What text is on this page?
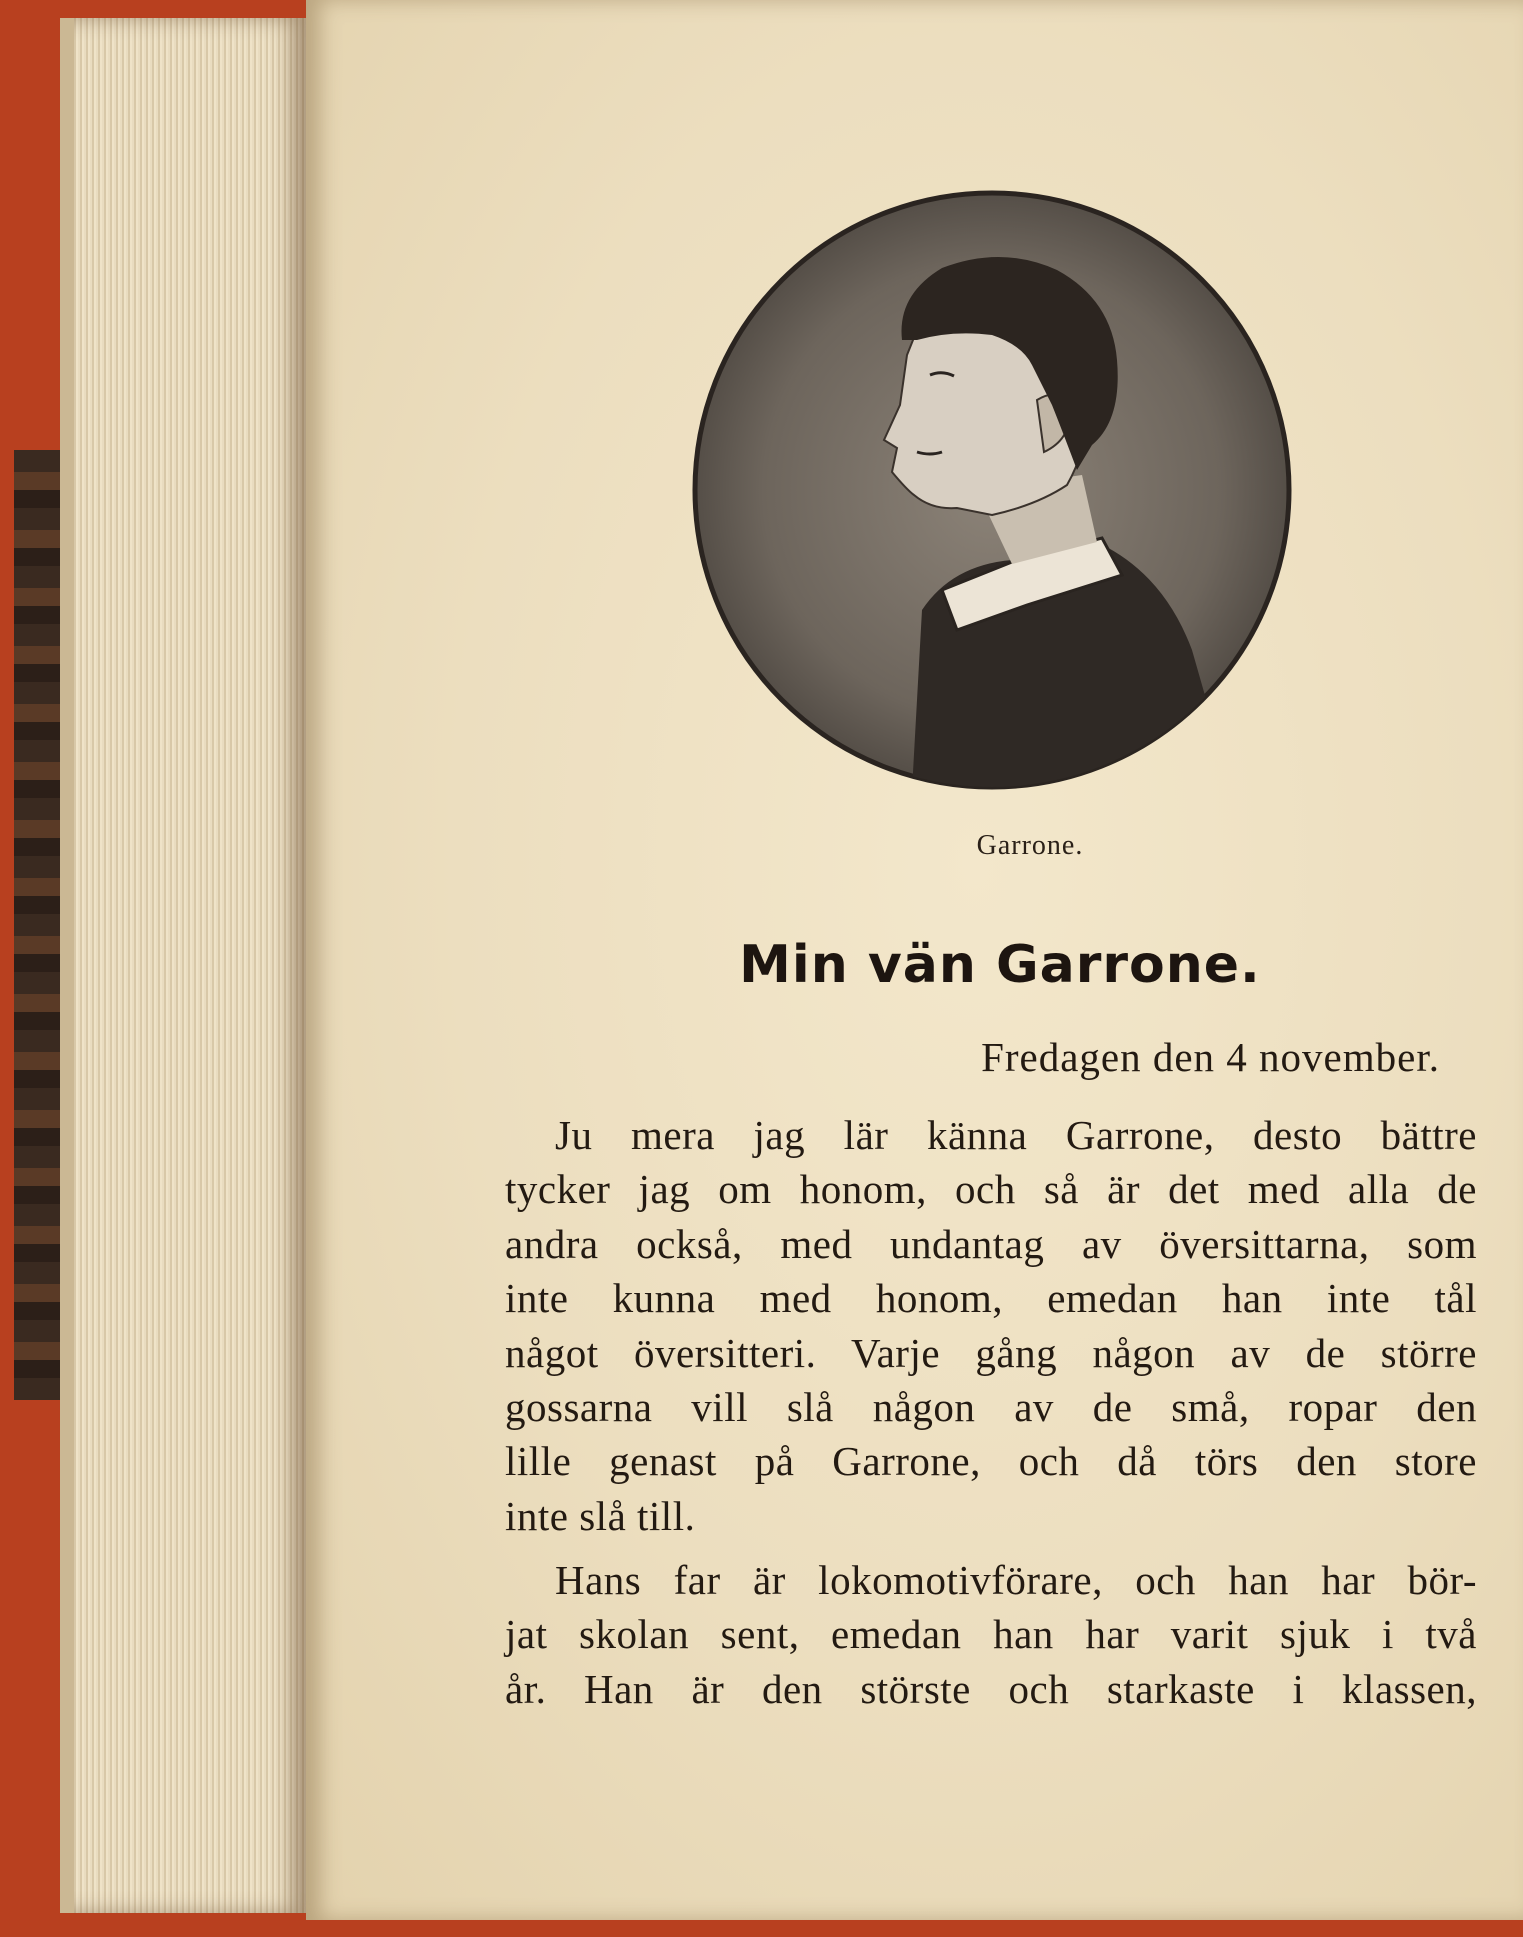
Garrone.
Min vän Garrone.
Fredagen den 4 november.
Ju mera jag lär känna Garrone, desto bättre
tycker jag om honom, och så är det med alla de
andra också, med undantag av översittarna, som
inte kunna med honom, emedan han inte tål
något översitteri. Varje gång någon av de större
gossarna vill slå någon av de små, ropar den
lille genast på Garrone, och då törs den store
inte slå till.
Hans far är lokomotivförare, och han har bör-
jat skolan sent, emedan han har varit sjuk i två
år. Han är den störste och starkaste i klassen,
